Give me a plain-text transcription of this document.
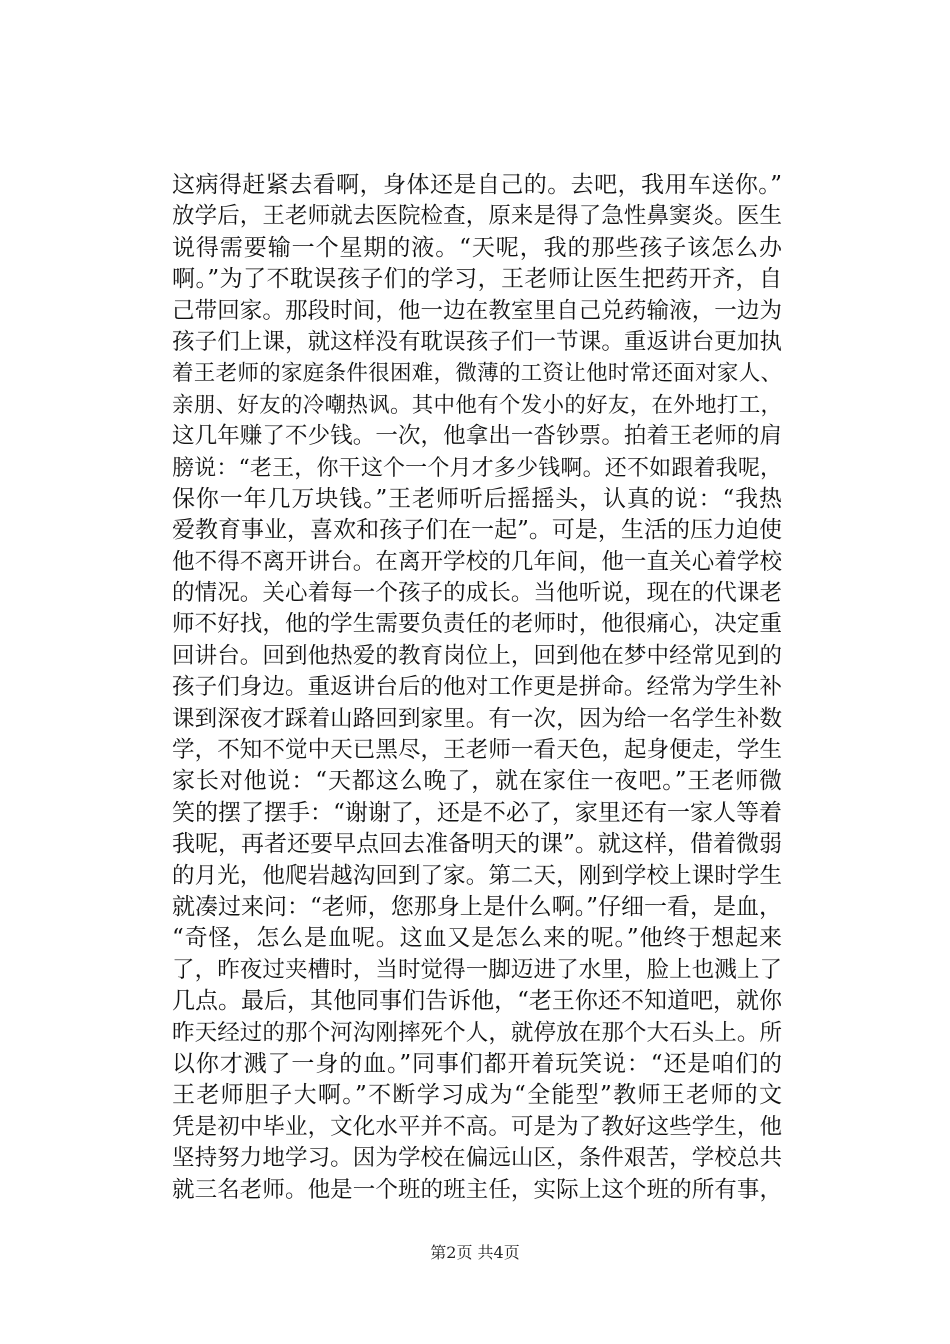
这病得赶紧去看啊，身体还是自己的。去吧，我用车送你。”
放学后，王老师就去医院检查，原来是得了急性鼻窦炎。医生
说得需要输一个星期的液。“天呢，我的那些孩子该怎么办
啊。”为了不耽误孩子们的学习，王老师让医生把药开齐，自
己带回家。那段时间，他一边在教室里自己兑药输液，一边为
孩子们上课，就这样没有耽误孩子们一节课。重返讲台更加执
着王老师的家庭条件很困难，微薄的工资让他时常还面对家人、
亲朋、好友的冷嘲热讽。其中他有个发小的好友，在外地打工，
这几年赚了不少钱。一次，他拿出一沓钞票。拍着王老师的肩
膀说：“老王，你干这个一个月才多少钱啊。还不如跟着我呢，
保你一年几万块钱。”王老师听后摇摇头，认真的说：“我热
爱教育事业，喜欢和孩子们在一起”。可是，生活的压力迫使
他不得不离开讲台。在离开学校的几年间，他一直关心着学校
的情况。关心着每一个孩子的成长。当他听说，现在的代课老
师不好找，他的学生需要负责任的老师时，他很痛心，决定重
回讲台。回到他热爱的教育岗位上，回到他在梦中经常见到的
孩子们身边。重返讲台后的他对工作更是拼命。经常为学生补
课到深夜才踩着山路回到家里。有一次，因为给一名学生补数
学，不知不觉中天已黑尽，王老师一看天色，起身便走，学生
家长对他说：“天都这么晚了，就在家住一夜吧。”王老师微
笑的摆了摆手：“谢谢了，还是不必了，家里还有一家人等着
我呢，再者还要早点回去准备明天的课”。就这样，借着微弱
的月光，他爬岩越沟回到了家。第二天，刚到学校上课时学生
就凑过来问：“老师，您那身上是什么啊。”仔细一看，是血，
“奇怪，怎么是血呢。这血又是怎么来的呢。”他终于想起来
了，昨夜过夹槽时，当时觉得一脚迈进了水里，脸上也溅上了
几点。最后，其他同事们告诉他，“老王你还不知道吧，就你
昨天经过的那个河沟刚摔死个人，就停放在那个大石头上。所
以你才溅了一身的血。”同事们都开着玩笑说：“还是咱们的
王老师胆子大啊。”不断学习成为“全能型”教师王老师的文
凭是初中毕业，文化水平并不高。可是为了教好这些学生，他
坚持努力地学习。因为学校在偏远山区，条件艰苦，学校总共
就三名老师。他是一个班的班主任，实际上这个班的所有事，
第2页 共4页
